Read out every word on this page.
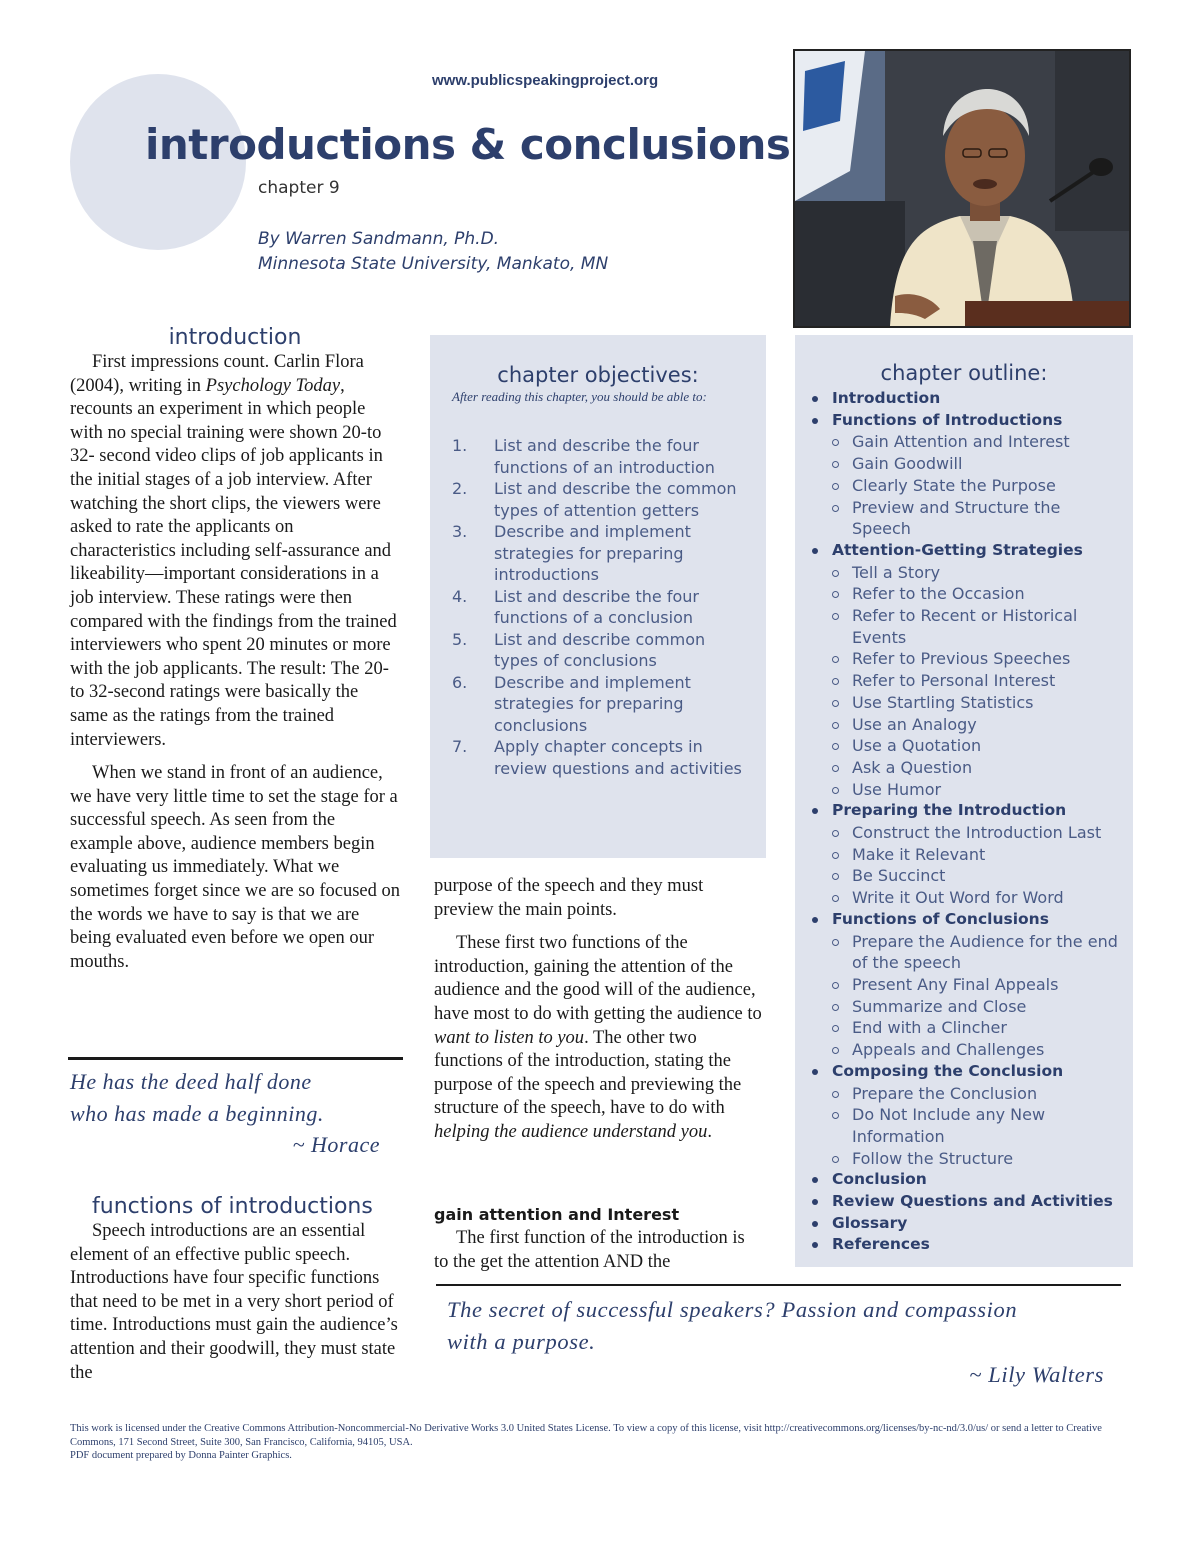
www.publicspeakingproject.org
introductions & conclusions
chapter 9
By Warren Sandmann, Ph.D.
Minnesota State University, Mankato, MN
introduction

First impressions count. Carlin Flora (2004), writing in Psychology Today, recounts an experiment in which people with no special training were shown 20-to 32- second video clips of job applicants in the initial stages of a job interview. After watching the short clips, the viewers were asked to rate the applicants on characteristics including self-assurance and likeability—important considerations in a job interview. These ratings were then compared with the findings from the trained interviewers who spent 20 minutes or more with the job applicants. The result: The 20-to 32-second ratings were basically the same as the ratings from the trained interviewers.

When we stand in front of an audience, we have very little time to set the stage for a successful speech. As seen from the example above, audience members begin evaluating us immediately. What we sometimes forget since we are so focused on the words we have to say is that we are being evaluated even before we open our mouths.

He has the deed half done
who has made a beginning.
~ Horace
functions of introductions

Speech introductions are an essential element of an effective public speech. Introductions have four specific functions that need to be met in a very short period of time. Introductions must gain the audience’s attention and their goodwill, they must state the

chapter objectives:
After reading this chapter, you should be able to:
1. List and describe the four functions of an introduction
2. List and describe the common types of attention getters
3. Describe and implement strategies for preparing introductions
4. List and describe the four functions of a conclusion
5. List and describe common types of conclusions
6. Describe and implement strategies for preparing conclusions
7. Apply chapter concepts in review questions and activities

purpose of the speech and they must preview the main points.

These first two functions of the introduction, gaining the attention of the audience and the good will of the audience, have most to do with getting the audience to want to listen to you. The other two functions of the introduction, stating the purpose of the speech and previewing the structure of the speech, have to do with helping the audience understand you.

gain attention and Interest

The first function of the introduction is to the get the attention AND the

chapter outline:
Introduction
Functions of Introductions
Gain Attention and Interest
Gain Goodwill
Clearly State the Purpose
Preview and Structure the Speech
Attention-Getting Strategies
Tell a Story
Refer to the Occasion
Refer to Recent or Historical Events
Refer to Previous Speeches
Refer to Personal Interest
Use Startling Statistics
Use an Analogy
Use a Quotation
Ask a Question
Use Humor
Preparing the Introduction
Construct the Introduction Last
Make it Relevant
Be Succinct
Write it Out Word for Word
Functions of Conclusions
Prepare the Audience for the end of the speech
Present Any Final Appeals
Summarize and Close
End with a Clincher
Appeals and Challenges
Composing the Conclusion
Prepare the Conclusion
Do Not Include any New Information
Follow the Structure
Conclusion
Review Questions and Activities
Glossary
References
The secret of successful speakers? Passion and compassion
with a purpose.
~ Lily Walters
This work is licensed under the Creative Commons Attribution-Noncommercial-No Derivative Works 3.0 United States License. To view a copy of this license, visit http://creativecommons.org/licenses/by-nc-nd/3.0/us/ or send a letter to Creative Commons, 171 Second Street, Suite 300, San Francisco, California, 94105, USA.
PDF document prepared by Donna Painter Graphics.
